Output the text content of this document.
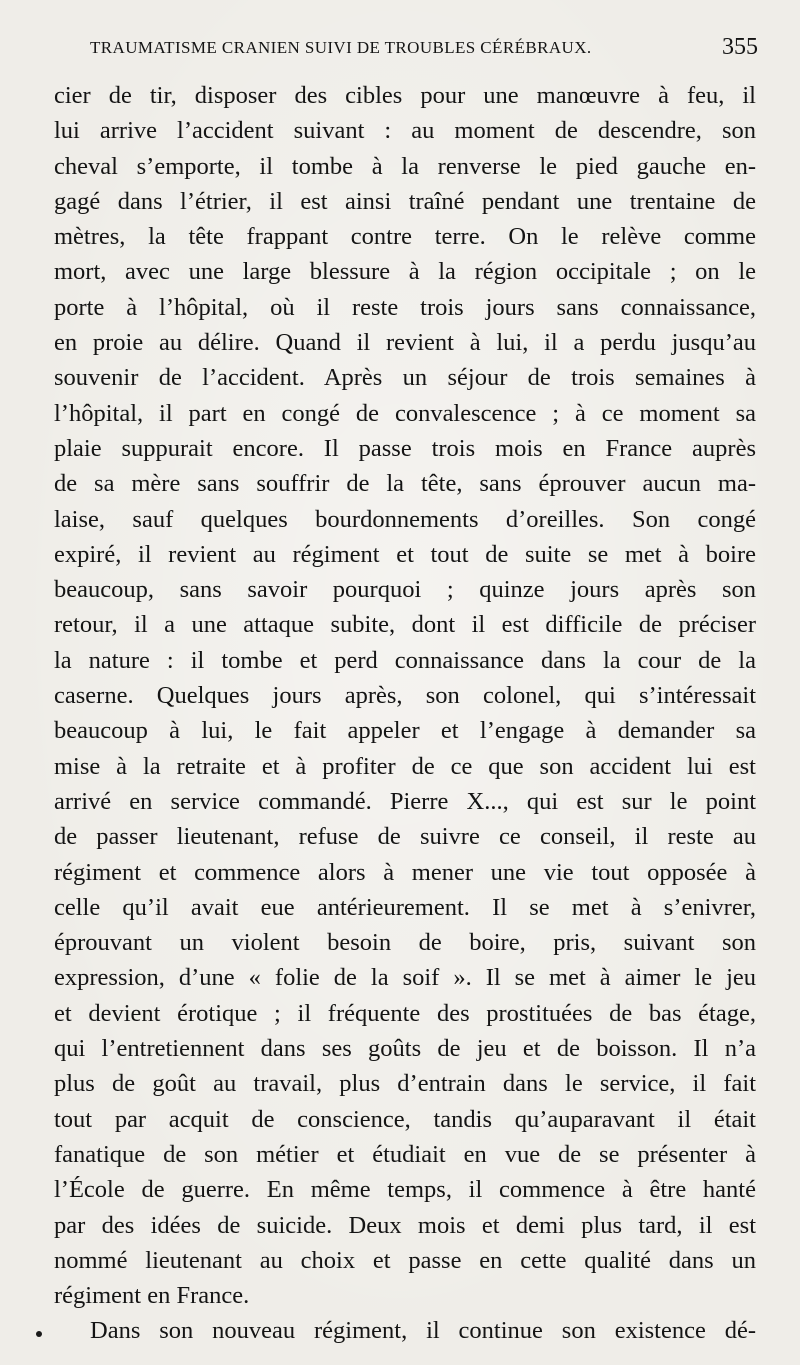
TRAUMATISME CRANIEN SUIVI DE TROUBLES CÉRÉBRAUX.	355
cier de tir, disposer des cibles pour une manœuvre à feu, il
lui arrive l’accident suivant : au moment de descendre, son
cheval s’emporte, il tombe à la renverse le pied gauche en-
gagé dans l’étrier, il est ainsi traîné pendant une trentaine de
mètres, la tête frappant contre terre. On le relève comme
mort, avec une large blessure à la région occipitale ; on le
porte à l’hôpital, où il reste trois jours sans connaissance,
en proie au délire. Quand il revient à lui, il a perdu jusqu’au
souvenir de l’accident. Après un séjour de trois semaines à
l’hôpital, il part en congé de convalescence ; à ce moment sa
plaie suppurait encore. Il passe trois mois en France auprès
de sa mère sans souffrir de la tête, sans éprouver aucun ma-
laise, sauf quelques bourdonnements d’oreilles. Son congé
expiré, il revient au régiment et tout de suite se met à boire
beaucoup, sans savoir pourquoi ; quinze jours après son
retour, il a une attaque subite, dont il est difficile de préciser
la nature : il tombe et perd connaissance dans la cour de la
caserne. Quelques jours après, son colonel, qui s’intéressait
beaucoup à lui, le fait appeler et l’engage à demander sa
mise à la retraite et à profiter de ce que son accident lui est
arrivé en service commandé. Pierre X..., qui est sur le point
de passer lieutenant, refuse de suivre ce conseil, il reste au
régiment et commence alors à mener une vie tout opposée à
celle qu’il avait eue antérieurement. Il se met à s’enivrer,
éprouvant un violent besoin de boire, pris, suivant son
expression, d’une « folie de la soif ». Il se met à aimer le jeu
et devient érotique ; il fréquente des prostituées de bas étage,
qui l’entretiennent dans ses goûts de jeu et de boisson. Il n’a
plus de goût au travail, plus d’entrain dans le service, il fait
tout par acquit de conscience, tandis qu’auparavant il était
fanatique de son métier et étudiait en vue de se présenter à
l’École de guerre. En même temps, il commence à être hanté
par des idées de suicide. Deux mois et demi plus tard, il est
nommé lieutenant au choix et passe en cette qualité dans un
régiment en France.
Dans son nouveau régiment, il continue son existence dé-
